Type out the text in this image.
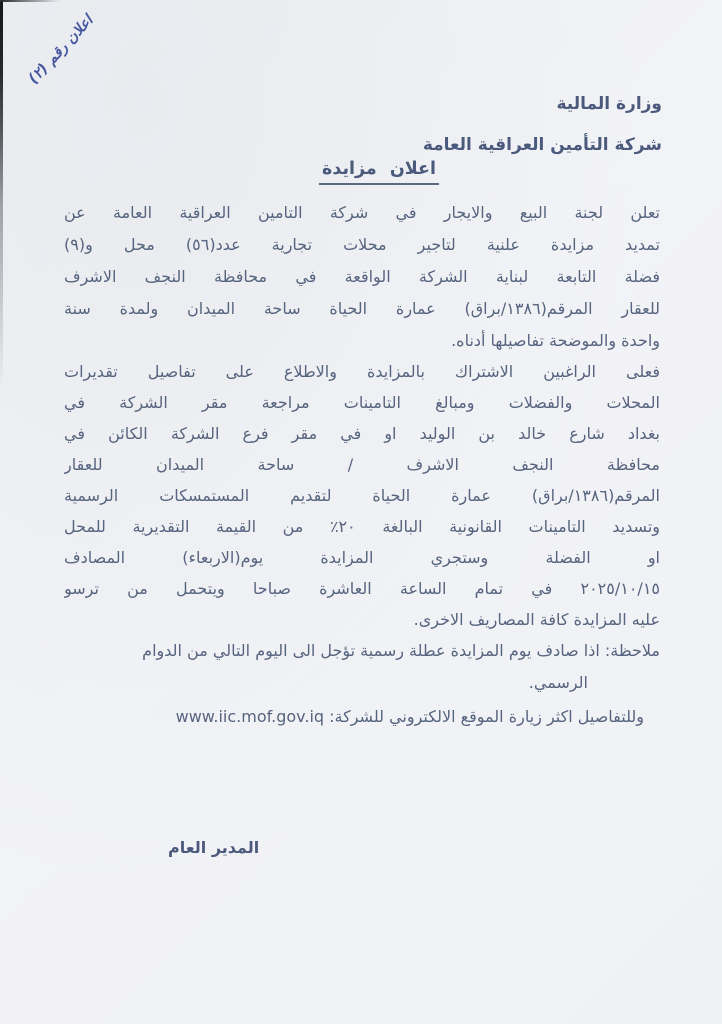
اعلان رقم (٢)
وزارة المالية
شركة التأمين العراقية العامة
اعلان مزايدة
تعلن لجنة البيع والايجار في شركة التامين العراقية العامة عن
تمديد مزايدة علنية لتاجير محلات تجارية عدد(٥٦) محل و(٩)
فضلة التابعة لبناية الشركة الواقعة في محافظة النجف الاشرف
للعقار المرقم(١٣٨٦/براق) عمارة الحياة ساحة الميدان ولمدة سنة
واحدة والموضحة تفاصيلها أدناه.
فعلى الراغبين الاشتراك بالمزايدة والاطلاع على تفاصيل تقديرات
المحلات والفضلات ومبالغ التامينات مراجعة مقر الشركة في
بغداد شارع خالد بن الوليد او في مقر فرع الشركة الكائن في
محافظة النجف الاشرف / ساحة الميدان للعقار
المرقم(١٣٨٦/براق) عمارة الحياة لتقديم المستمسكات الرسمية
وتسديد التامينات القانونية البالغة ٢٠٪ من القيمة التقديرية للمحل
او الفضلة وستجري المزايدة يوم(الاربعاء) المصادف
٢٠٢٥/١٠/١٥ في تمام الساعة العاشرة صباحا ويتحمل من ترسو
عليه المزايدة كافة المصاريف الاخرى.
ملاحظة: اذا صادف يوم المزايدة عطلة رسمية تؤجل الى اليوم التالي من الدوام
الرسمي.
وللتفاصيل اكثر زيارة الموقع الالكتروني للشركة: www.iic.mof.gov.iq
المدير العام
